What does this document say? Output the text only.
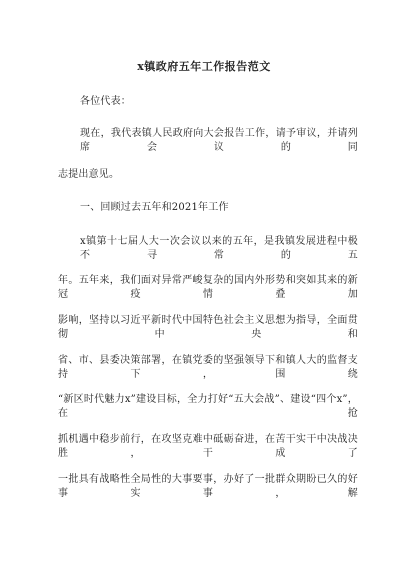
x镇政府五年工作报告范文
各位代表：
现在，我代表镇人民政府向大会报告工作，请予审议，并请列席会议的同
志提出意见。
一、回顾过去五年和2021年工作
x镇第十七届人大一次会议以来的五年，是我镇发展进程中极不寻常的五
年。五年来，我们面对异常严峻复杂的国内外形势和突如其来的新冠疫情叠加
影响，坚持以习近平新时代中国特色社会主义思想为指导，全面贯彻中央和
省、市、县委决策部署，在镇党委的坚强领导下和镇人大的监督支持下，围绕
“新区时代魅力x”建设目标，全力打好“五大会战”、建设“四个x”，在抢
抓机遇中稳步前行，在攻坚克难中砥砺奋进，在苦干实干中决战决胜，干成了
一批具有战略性全局性的大事要事，办好了一批群众期盼已久的好事实事，解
